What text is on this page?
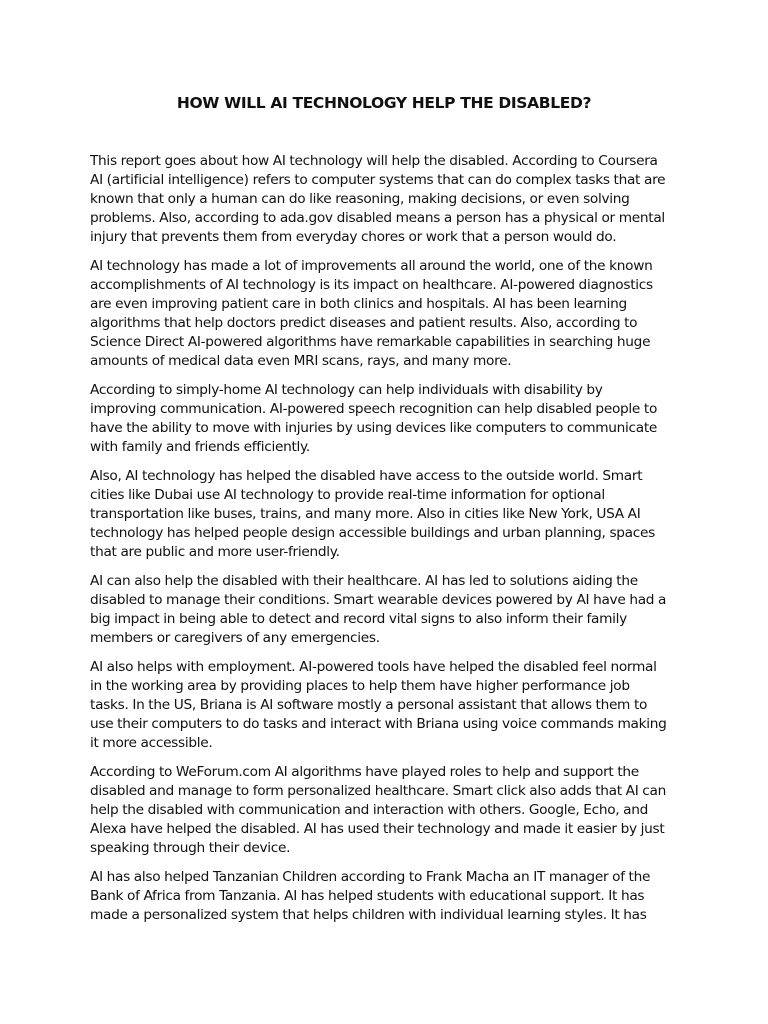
HOW WILL AI TECHNOLOGY HELP THE DISABLED?

This report goes about how AI technology will help the disabled. According to Coursera
AI (artificial intelligence) refers to computer systems that can do complex tasks that are
known that only a human can do like reasoning, making decisions, or even solving
problems. Also, according to ada.gov disabled means a person has a physical or mental
injury that prevents them from everyday chores or work that a person would do.

AI technology has made a lot of improvements all around the world, one of the known
accomplishments of AI technology is its impact on healthcare. AI-powered diagnostics
are even improving patient care in both clinics and hospitals. AI has been learning
algorithms that help doctors predict diseases and patient results. Also, according to
Science Direct AI-powered algorithms have remarkable capabilities in searching huge
amounts of medical data even MRI scans, rays, and many more.

According to simply-home AI technology can help individuals with disability by
improving communication. AI-powered speech recognition can help disabled people to
have the ability to move with injuries by using devices like computers to communicate
with family and friends efficiently.

Also, AI technology has helped the disabled have access to the outside world. Smart
cities like Dubai use AI technology to provide real-time information for optional
transportation like buses, trains, and many more. Also in cities like New York, USA AI
technology has helped people design accessible buildings and urban planning, spaces
that are public and more user-friendly.

AI can also help the disabled with their healthcare. AI has led to solutions aiding the
disabled to manage their conditions. Smart wearable devices powered by AI have had a
big impact in being able to detect and record vital signs to also inform their family
members or caregivers of any emergencies.

AI also helps with employment. AI-powered tools have helped the disabled feel normal
in the working area by providing places to help them have higher performance job
tasks. In the US, Briana is AI software mostly a personal assistant that allows them to
use their computers to do tasks and interact with Briana using voice commands making
it more accessible.

According to WeForum.com AI algorithms have played roles to help and support the
disabled and manage to form personalized healthcare. Smart click also adds that AI can
help the disabled with communication and interaction with others. Google, Echo, and
Alexa have helped the disabled. AI has used their technology and made it easier by just
speaking through their device.

AI has also helped Tanzanian Children according to Frank Macha an IT manager of the
Bank of Africa from Tanzania. AI has helped students with educational support. It has
made a personalized system that helps children with individual learning styles. It has
